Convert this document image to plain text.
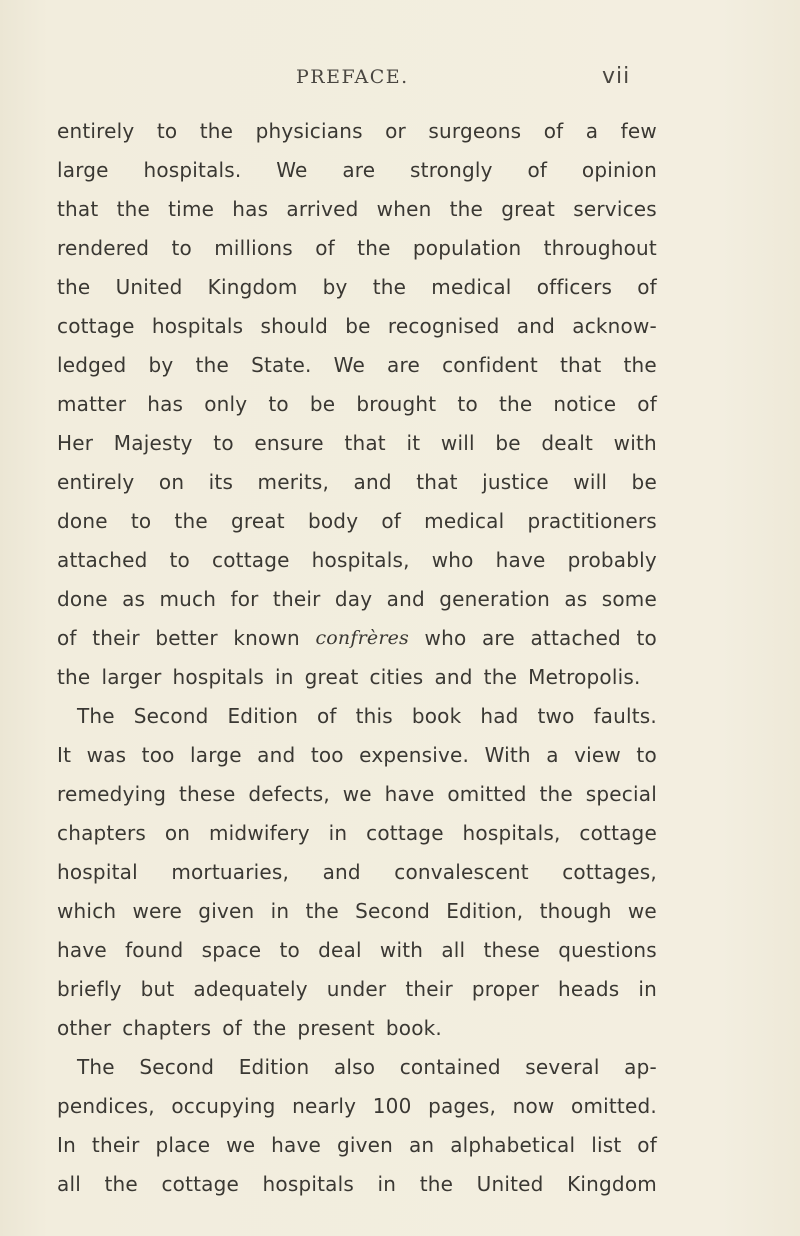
PREFACE.	vii
entirely to the physicians or surgeons of a few
large hospitals. We are strongly of opinion
that the time has arrived when the great services
rendered to millions of the population throughout
the United Kingdom by the medical officers of
cottage hospitals should be recognised and acknow-
ledged by the State. We are confident that the
matter has only to be brought to the notice of
Her Majesty to ensure that it will be dealt with
entirely on its merits, and that justice will be
done to the great body of medical practitioners
attached to cottage hospitals, who have probably
done as much for their day and generation as some
of their better known confrères who are attached to
the larger hospitals in great cities and the Metropolis.
The Second Edition of this book had two faults.
It was too large and too expensive. With a view to
remedying these defects, we have omitted the special
chapters on midwifery in cottage hospitals, cottage
hospital mortuaries, and convalescent cottages,
which were given in the Second Edition, though we
have found space to deal with all these questions
briefly but adequately under their proper heads in
other chapters of the present book.
The Second Edition also contained several ap-
pendices, occupying nearly 100 pages, now omitted.
In their place we have given an alphabetical list of
all the cottage hospitals in the United Kingdom
